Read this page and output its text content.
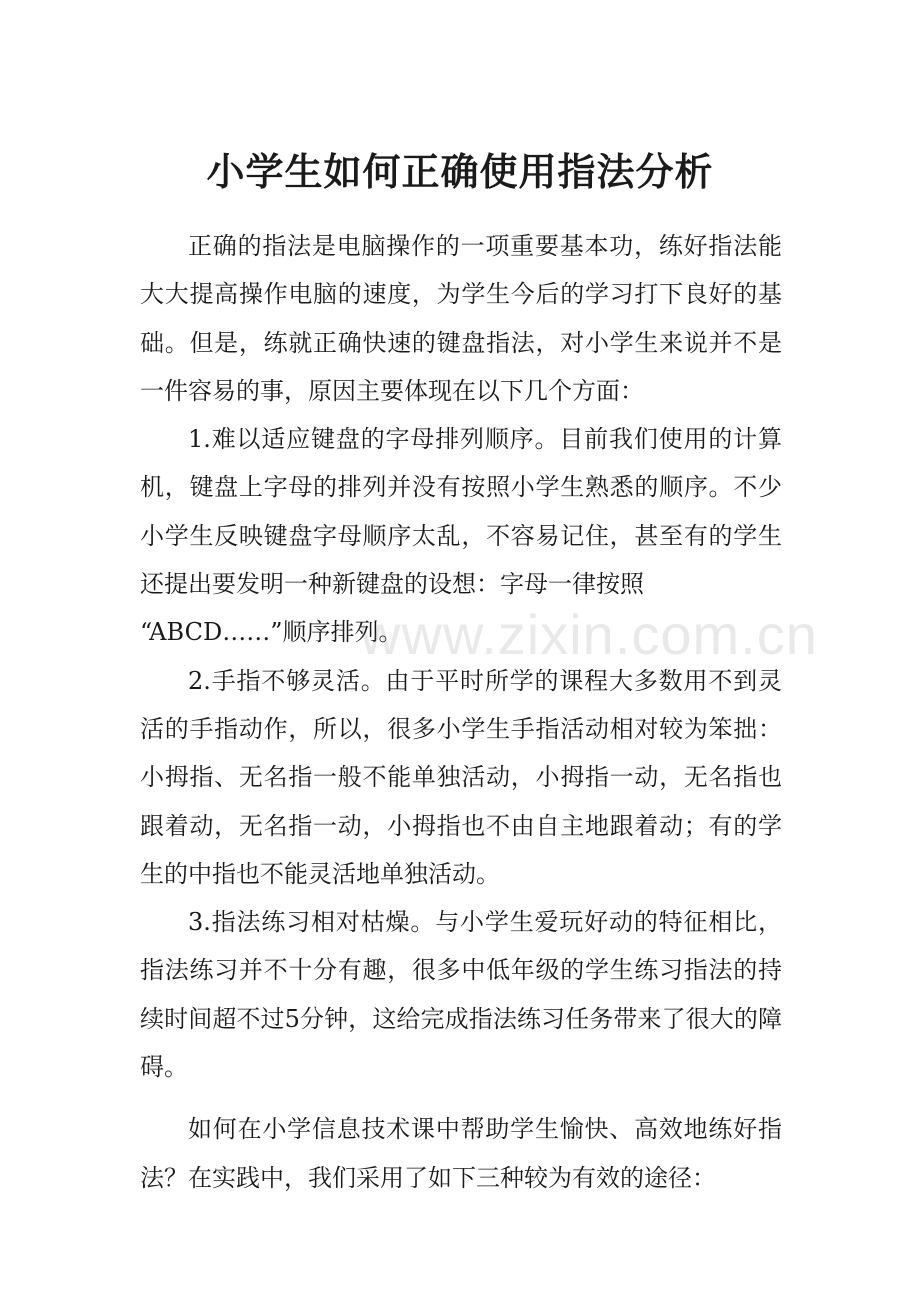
小学生如何正确使用指法分析

正确的指法是电脑操作的一项重要基本功，练好指法能大大提高操作电脑的速度，为学生今后的学习打下良好的基础。但是，练就正确快速的键盘指法，对小学生来说并不是一件容易的事，原因主要体现在以下几个方面：

1.难以适应键盘的字母排列顺序。目前我们使用的计算机，键盘上字母的排列并没有按照小学生熟悉的顺序。不少小学生反映键盘字母顺序太乱，不容易记住，甚至有的学生还提出要发明一种新键盘的设想：字母一律按照
“ABCD……”顺序排列。

2.手指不够灵活。由于平时所学的课程大多数用不到灵活的手指动作，所以，很多小学生手指活动相对较为笨拙：小拇指、无名指一般不能单独活动，小拇指一动，无名指也跟着动，无名指一动，小拇指也不由自主地跟着动；有的学生的中指也不能灵活地单独活动。

3.指法练习相对枯燥。与小学生爱玩好动的特征相比，指法练习并不十分有趣，很多中低年级的学生练习指法的持续时间超不过5分钟，这给完成指法练习任务带来了很大的障碍。

如何在小学信息技术课中帮助学生愉快、高效地练好指法？在实践中，我们采用了如下三种较为有效的途径：

www.zixin.com.cn
